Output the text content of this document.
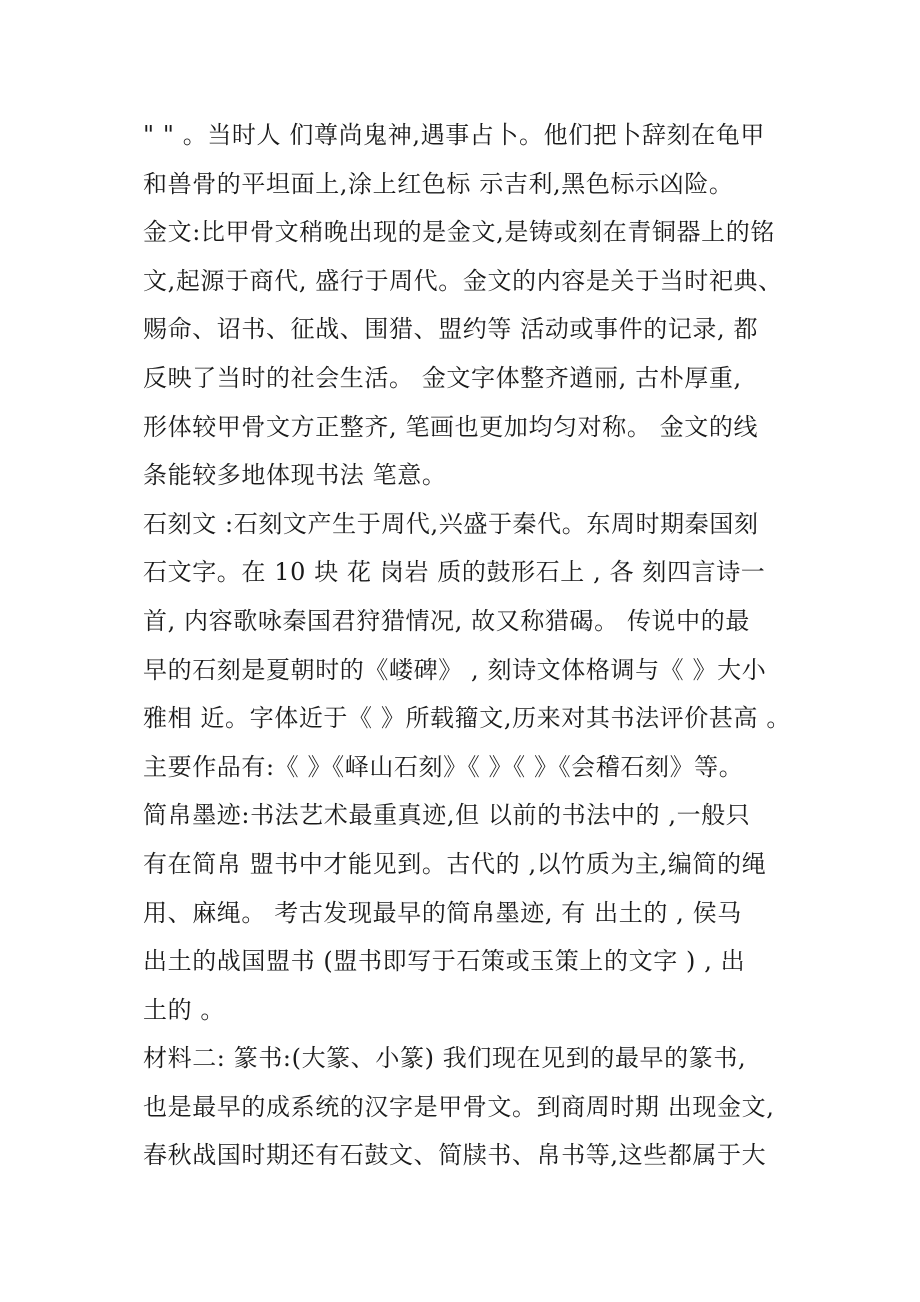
" " 。当时人 们尊尚鬼神,遇事占卜。他们把卜辞刻在龟甲
和兽骨的平坦面上,涂上红色标 示吉利,黑色标示凶险。
金文:比甲骨文稍晚出现的是金文,是铸或刻在青铜器上的铭
文,起源于商代, 盛行于周代。金文的内容是关于当时祀典、
赐命、诏书、征战、围猎、盟约等 活动或事件的记录, 都
反映了当时的社会生活。 金文字体整齐遒丽, 古朴厚重,
形体较甲骨文方正整齐, 笔画也更加均匀对称。 金文的线
条能较多地体现书法 笔意。
石刻文 :石刻文产生于周代,兴盛于秦代。东周时期秦国刻
石文字。在 10 块 花 岗岩 质的鼓形石上 , 各 刻四言诗一
首, 内容歌咏秦国君狩猎情况, 故又称猎碣。 传说中的最
早的石刻是夏朝时的《嵝碑》 , 刻诗文体格调与《 》大小
雅相 近。字体近于《 》所载籀文,历来对其书法评价甚高 。
主要作品有:《 》《峄山石刻》《 》《 》《会稽石刻》等。
简帛墨迹:书法艺术最重真迹,但 以前的书法中的 ,一般只
有在简帛 盟书中才能见到。古代的 ,以竹质为主,编简的绳
用、麻绳。 考古发现最早的简帛墨迹, 有 出土的 , 侯马
出土的战国盟书 (盟书即写于石策或玉策上的文字 ) , 出
土的 。
材料二: 篆书:(大篆、小篆) 我们现在见到的最早的篆书,
也是最早的成系统的汉字是甲骨文。到商周时期 出现金文,
春秋战国时期还有石鼓文、简牍书、帛书等,这些都属于大
